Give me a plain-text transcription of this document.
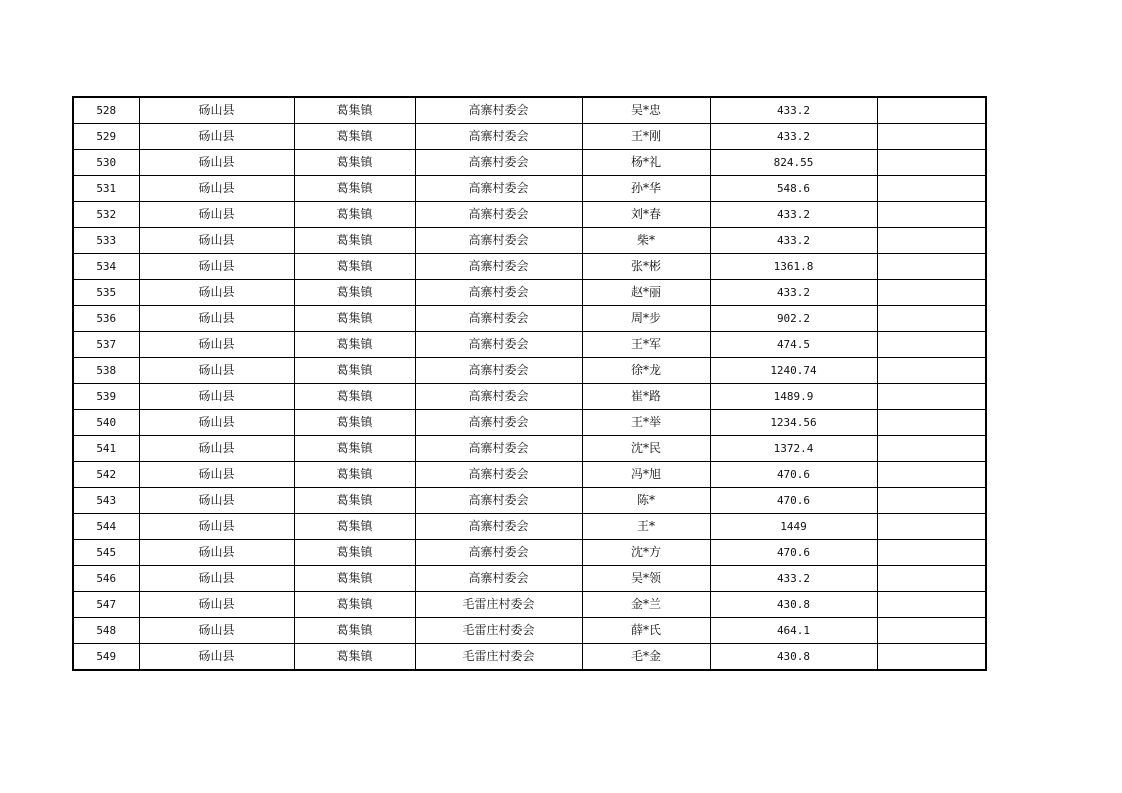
528	砀山县	葛集镇	高寨村委会	吴*忠	433.2	
529	砀山县	葛集镇	高寨村委会	王*刚	433.2	
530	砀山县	葛集镇	高寨村委会	杨*礼	824.55	
531	砀山县	葛集镇	高寨村委会	孙*华	548.6	
532	砀山县	葛集镇	高寨村委会	刘*春	433.2	
533	砀山县	葛集镇	高寨村委会	柴*	433.2	
534	砀山县	葛集镇	高寨村委会	张*彬	1361.8	
535	砀山县	葛集镇	高寨村委会	赵*丽	433.2	
536	砀山县	葛集镇	高寨村委会	周*步	902.2	
537	砀山县	葛集镇	高寨村委会	王*军	474.5	
538	砀山县	葛集镇	高寨村委会	徐*龙	1240.74	
539	砀山县	葛集镇	高寨村委会	崔*路	1489.9	
540	砀山县	葛集镇	高寨村委会	王*举	1234.56	
541	砀山县	葛集镇	高寨村委会	沈*民	1372.4	
542	砀山县	葛集镇	高寨村委会	冯*旭	470.6	
543	砀山县	葛集镇	高寨村委会	陈*	470.6	
544	砀山县	葛集镇	高寨村委会	王*	1449	
545	砀山县	葛集镇	高寨村委会	沈*方	470.6	
546	砀山县	葛集镇	高寨村委会	吴*领	433.2	
547	砀山县	葛集镇	毛雷庄村委会	金*兰	430.8	
548	砀山县	葛集镇	毛雷庄村委会	薛*氏	464.1	
549	砀山县	葛集镇	毛雷庄村委会	毛*金	430.8	
